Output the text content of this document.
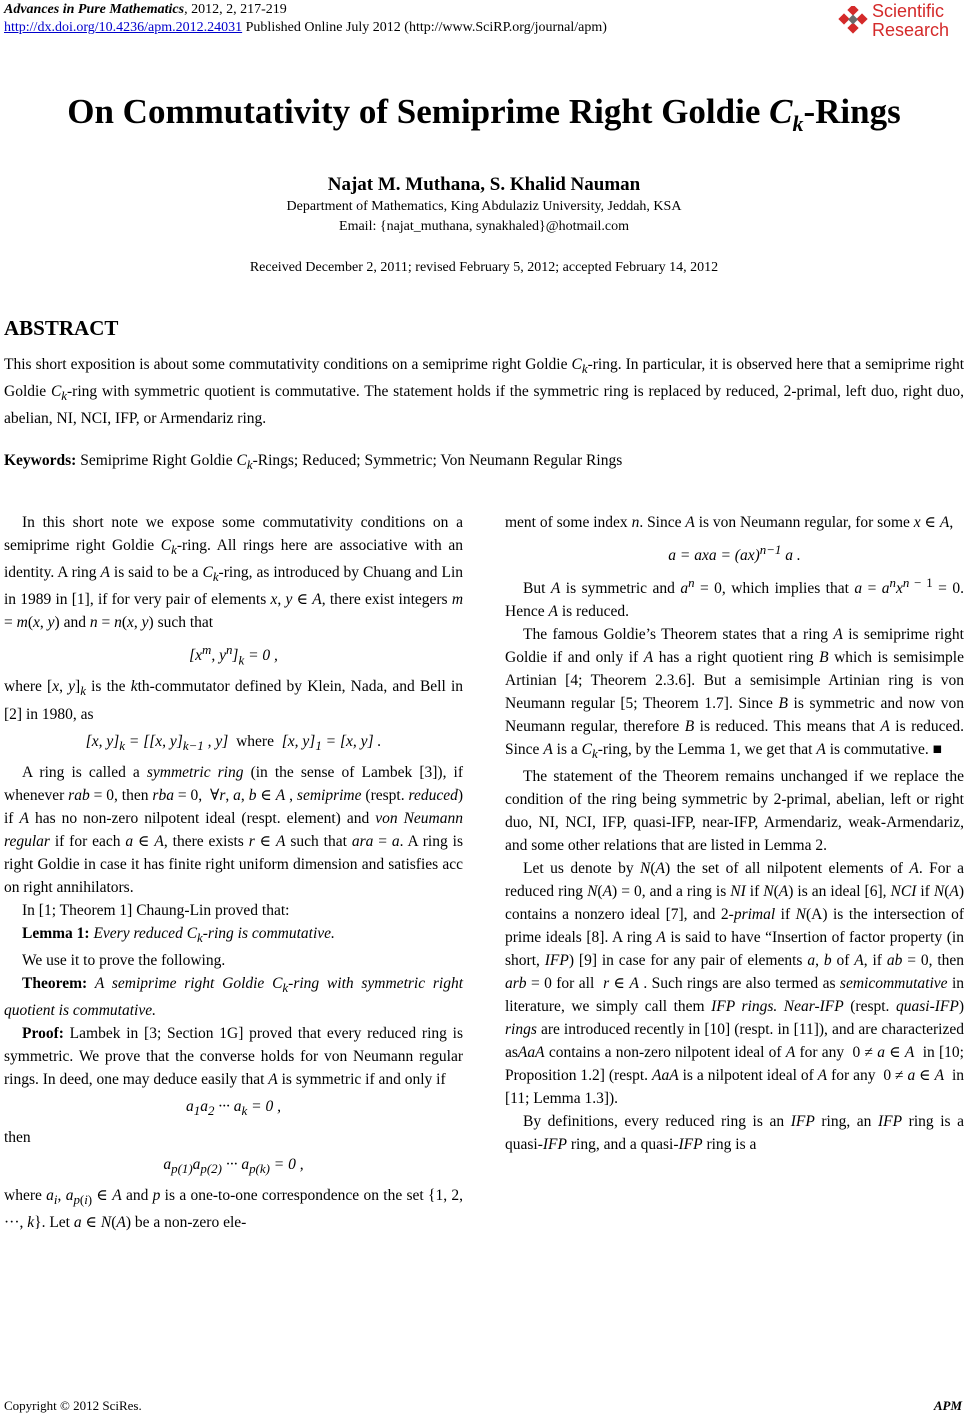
Advances in Pure Mathematics, 2012, 2, 217-219
http://dx.doi.org/10.4236/apm.2012.24031 Published Online July 2012 (http://www.SciRP.org/journal/apm)
Scientific
Research
On Commutativity of Semiprime Right Goldie $C_k$-Rings
Najat M. Muthana, S. Khalid Nauman
Department of Mathematics, King Abdulaziz University, Jeddah, KSA
Email: {najat_muthana, synakhaled}@hotmail.com
Received December 2, 2011; revised February 5, 2012; accepted February 14, 2012
ABSTRACT
This short exposition is about some commutativity conditions on a semiprime right Goldie $C_k$-ring. In particular, it is observed here that a semiprime right Goldie $C_k$-ring with symmetric quotient is commutative. The statement holds if the symmetric ring is replaced by reduced, 2-primal, left duo, right duo, abelian, NI, NCI, IFP, or Armendariz ring.
Keywords: Semiprime Right Goldie $C_k$-Rings; Reduced; Symmetric; Von Neumann Regular Rings

In this short note we expose some commutativity conditions on a semiprime right Goldie $C_k$-ring. All rings here are associative with an identity. A ring A is said to be a $C_k$-ring, as introduced by Chuang and Lin in 1989 in [1], if for very pair of elements x, y ∈ A, there exist integers m = m(x, y) and n = n(x, y) such that

[$x^m$, $y^n]_k = 0$ ,

where [x, $y]_k$ is the kth-commutator defined by Klein, Nada, and Bell in [2] in 1980, as

[x, $y]_k = [[x$, $y]_{k-1}$ , y]  where  [x, $y]_1 = [x$, y] .

A ring is called a symmetric ring (in the sense of Lambek [3]), if whenever rab = 0, then rba = 0,  ∀r, a, b ∈ A , semiprime (respt. reduced) if A has no non-zero nilpotent ideal (respt. element) and von Neumann regular if for each a ∈ A, there exists r ∈ A such that ara = a. A ring is right Goldie in case it has finite right uniform dimension and satisfies acc on right annihilators.

In [1; Theorem 1] Chaung-Lin proved that:

Lemma 1: Every reduced $C_k$-ring is commutative.

We use it to prove the following.

Theorem: A semiprime right Goldie $C_k$-ring with symmetric right quotient is commutative.

Proof: Lambek in [3; Section 1G] proved that every reduced ring is symmetric. We prove that the converse holds for von Neumann regular rings. In deed, one may deduce easily that A is symmetric if and only if

$a_1a_2$ ··· $a_k = 0$ ,

then

$a_{p(1)}a_{p(2)}$ ··· $a_{p(k)} = 0$ ,

where $a_i$, $a_{p(i)}$ ∈ A and p is a one-to-one correspondence on the set {1, 2, ···, k}. Let a ∈ N(A) be a non-zero ele-

ment of some index n. Since A is von Neumann regular, for some x ∈ A,

a = axa = (ax)$^{n-1}$ a .

But A is symmetric and $a^n = 0$, which implies that $a = a^nx^{n - 1} = 0$. Hence A is reduced.

The famous Goldie’s Theorem states that a ring A is semiprime right Goldie if and only if A has a right quotient ring B which is semisimple Artinian [4; Theorem 2.3.6]. But a semisimple Artinian ring is von Neumann regular [5; Theorem 1.7]. Since B is symmetric and now von Neumann regular, therefore B is reduced. This means that A is reduced. Since A is a $C_k$-ring, by the Lemma 1, we get that A is commutative. ■

The statement of the Theorem remains unchanged if we replace the condition of the ring being symmetric by 2-primal, abelian, left or right duo, NI, NCI, IFP, quasi-IFP, near-IFP, Armendariz, weak-Armendariz, and some other relations that are listed in Lemma 2.

Let us denote by N(A) the set of all nilpotent elements of A. For a reduced ring N(A) = 0, and a ring is NI if N(A) is an ideal [6], NCI if N(A) contains a nonzero ideal [7], and 2-primal if N(A) is the intersection of prime ideals [8]. A ring A is said to have “Insertion of factor property (in short, IFP) [9] in case for any pair of elements a, b of A, if ab = 0, then arb = 0 for all  r ∈ A . Such rings are also termed as semicommutative in literature, we simply call them IFP rings. Near-IFP (respt. quasi-IFP) rings are introduced recently in [10] (respt. in [11]), and are characterized asAaA contains a non-zero nilpotent ideal of A for any  0 ≠ a ∈ A  in [10; Proposition 1.2] (respt. AaA is a nilpotent ideal of A for any  0 ≠ a ∈ A  in [11; Lemma 1.3]).

By definitions, every reduced ring is an IFP ring, an IFP ring is a quasi-IFP ring, and a quasi-IFP ring is a

Copyright © 2012 SciRes.	APM
